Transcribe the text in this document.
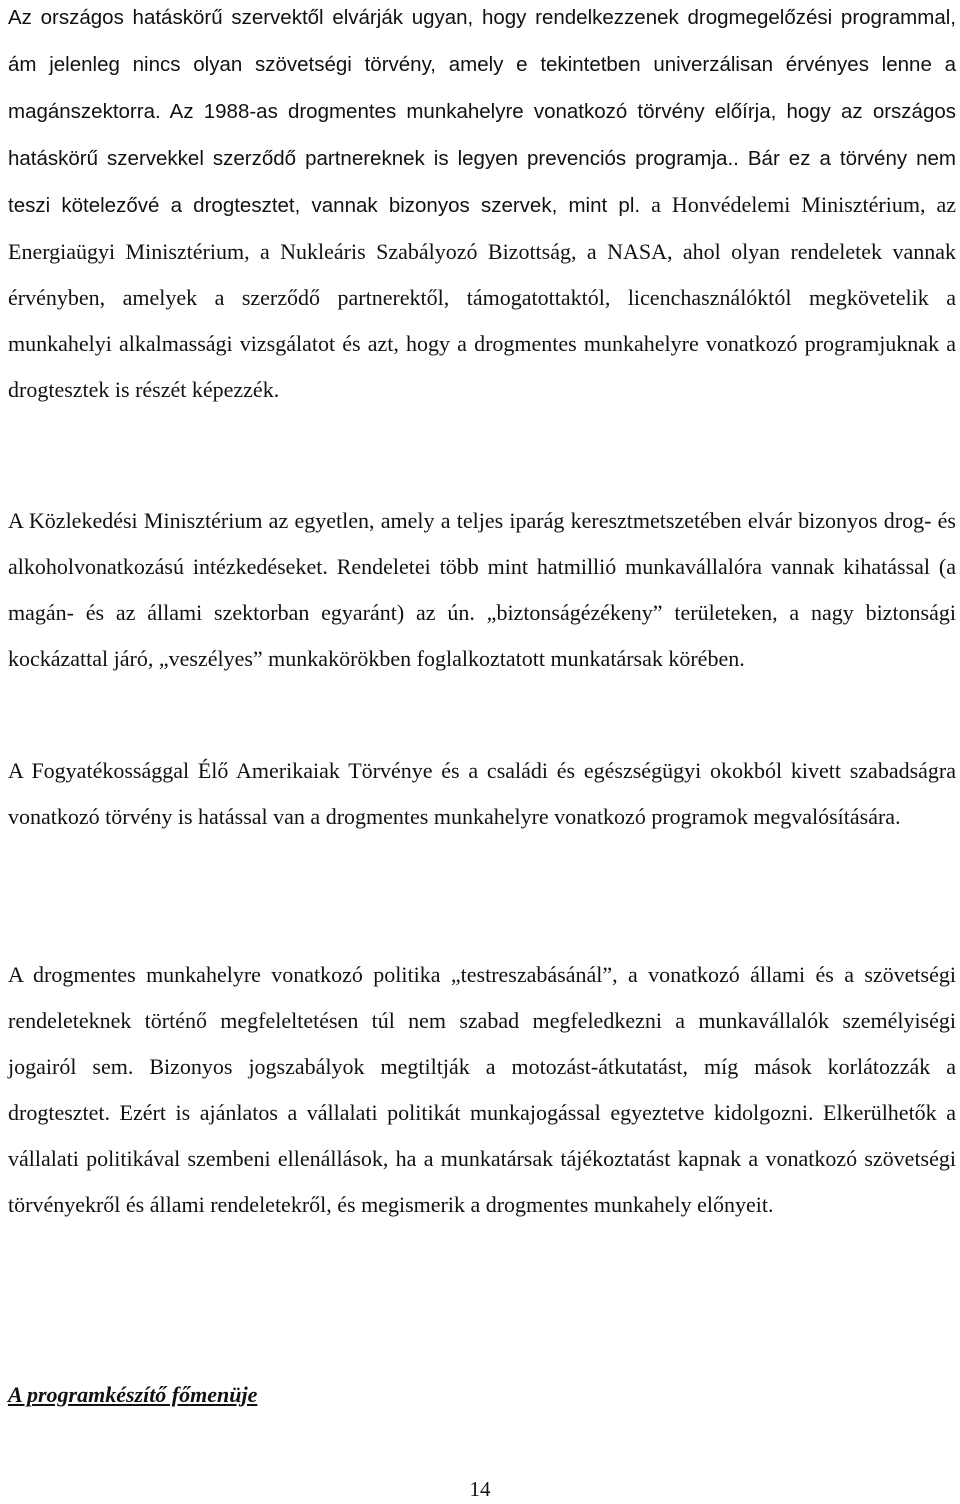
Az országos hatáskörű szervektől elvárják ugyan, hogy rendelkezzenek drogmegelőzési programmal, ám jelenleg nincs olyan szövetségi törvény, amely e tekintetben univerzálisan érvényes lenne a magánszektorra. Az 1988-as drogmentes munkahelyre vonatkozó törvény előírja, hogy az országos hatáskörű szervekkel szerződő partnereknek is legyen prevenciós programja.. Bár ez a törvény nem teszi kötelezővé a drogtesztet, vannak bizonyos szervek, mint pl. a Honvédelemi Minisztérium, az Energiaügyi Minisztérium, a Nukleáris Szabályozó Bizottság, a NASA, ahol olyan rendeletek vannak érvényben, amelyek a szerződő partnerektől, támogatottaktól, licenchasználóktól megkövetelik a munkahelyi alkalmassági vizsgálatot és azt, hogy a drogmentes munkahelyre vonatkozó programjuknak a drogtesztek is részét képezzék.

A Közlekedési Minisztérium az egyetlen, amely a teljes iparág keresztmetszetében elvár bizonyos drog- és alkoholvonatkozású intézkedéseket. Rendeletei több mint hatmillió munkavállalóra vannak kihatással (a magán- és az állami szektorban egyaránt) az ún. „biztonságézékeny” területeken, a nagy biztonsági kockázattal járó, „veszélyes” munkakörökben foglalkoztatott munkatársak körében.

A Fogyatékossággal Élő Amerikaiak Törvénye és a családi és egészségügyi okokból kivett szabadságra vonatkozó törvény is hatással van a drogmentes munkahelyre vonatkozó programok megvalósítására.

A drogmentes munkahelyre vonatkozó politika „testreszabásánál”, a vonatkozó állami és a szövetségi rendeleteknek történő megfeleltetésen túl nem szabad megfeledkezni a munkavállalók személyiségi jogairól sem. Bizonyos jogszabályok megtiltják a motozást-átkutatást, míg mások korlátozzák a drogtesztet. Ezért is ajánlatos a vállalati politikát munkajogással egyeztetve kidolgozni. Elkerülhetők a vállalati politikával szembeni ellenállások, ha a munkatársak tájékoztatást kapnak a vonatkozó szövetségi törvényekről és állami rendeletekről, és megismerik a drogmentes munkahely előnyeit.

A programkészítő főmenüje

14
